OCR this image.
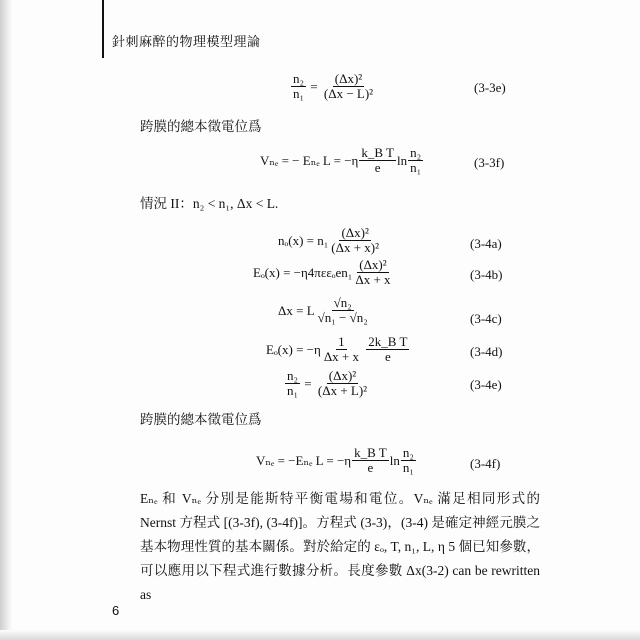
針刺麻醉的物理模型理論
$\frac{\text{n₂}}{\text{n₁}} = \frac{\text{(Δx)²}}{\text{(Δx − L)²}}$	(3-3e)
跨膜的總本徵電位爲
Vₙₑ = − Eₙₑ $L = -\eta \frac{\text{k\_B T}}{e}$ $\ln \frac{\text{n₂}}{\text{n₁}}$	(3-3f)
情況 II：n₂ < n₁, Δx < L.
$n_o(x) = n_1 \frac{\text{(Δx)²}}{\text{(Δx + x)²}}$	(3-4a)
$E_o(x) = -\eta 4\pi\varepsilon\varepsilon_oen_1 \frac{\text{(Δx)²}}{\Delta x + x}$	(3-4b)
Δx = L $\frac{\text{√n₂}}{\text{√n₁ − √n₂}}$	(3-4c)
$E_o(x) = -\eta \frac{1}{\Delta x + x}$
$\frac{\text{2k\_B T}}{e}$	(3-4d)
$\frac{\text{n₂}}{\text{n₁}} = \frac{\text{(Δx)²}}{\text{(Δx + L)²}}$	(3-4e)
跨膜的總本徵電位爲
Vₙₑ = −Eₙₑ $L = -\eta \frac{\text{k\_B T}}{e}$ $\ln \frac{\text{n₂}}{\text{n₁}}$	(3-4f)
Eₙₑ 和 Vₙₑ 分別是能斯特平衡電場和電位。Vₙₑ 滿足相同形式的 Nernst 方程式 [(3-3f), (3-4f)]。方程式 (3-3)，(3-4) 是確定神經元膜之基本物理性質的基本關係。對於給定的 εₒ, T, n₁, L, η 5 個已知參數，可以應用以下程式進行數據分析。長度參數 Δx(3-2) can be rewritten as
6
